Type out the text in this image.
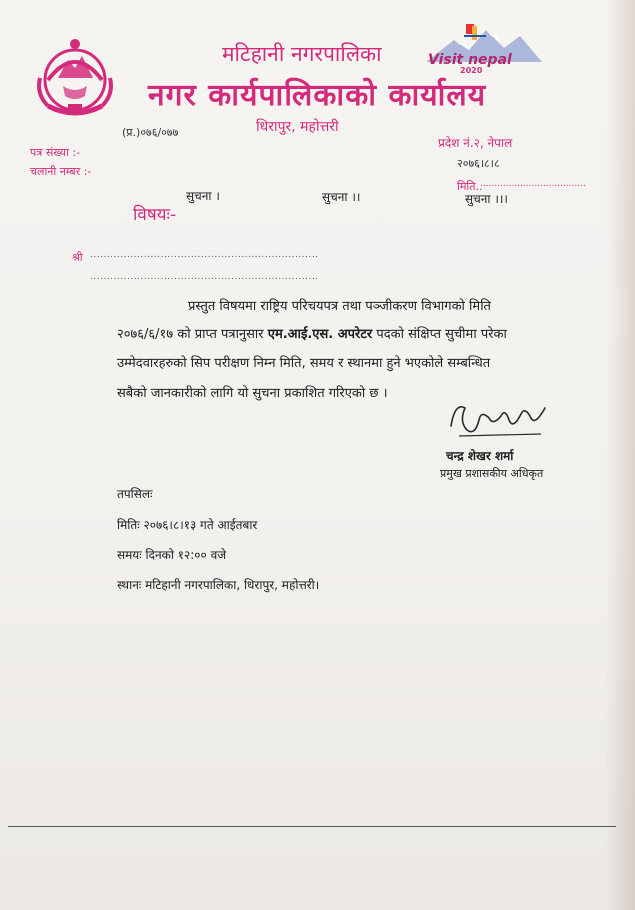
मटिहानी नगरपालिका
नगर कार्यपालिकाको कार्यालय
धिरापुर, महोत्तरी
Visit nepal
2020
(प्र.)०७६/०७७
प्रदेश नं.२, नेपाल
पत्र संख्या :-
चलानी नम्बर :-
२०७६।८।८
मिति..
.....................................
सुचना ।	सुचना ।।	सुचना ।।।
विषयः-
श्री ....................................................................
....................................................................
प्रस्तुत विषयमा राष्ट्रिय परिचयपत्र तथा पञ्जीकरण विभागको मिति
२०७६/६/१७ को प्राप्त पत्रानुसार एम.आई.एस. अपरेटर पदको संक्षिप्त सुचीमा परेका
उम्मेदवारहरुको सिप परीक्षण निम्न मिति, समय र स्थानमा हुने भएकोले सम्बन्धित
सबैको जानकारीको लागि यो सुचना प्रकाशित गरिएको छ ।
चन्द्र शेखर शर्मा
प्रमुख प्रशासकीय अधिकृत
तपसिलः
मितिः २०७६।८।१३ गते आईतबार
समयः दिनको १२:०० वजे
स्थानः मटिहानी नगरपालिका, धिरापुर, महोत्तरी।
